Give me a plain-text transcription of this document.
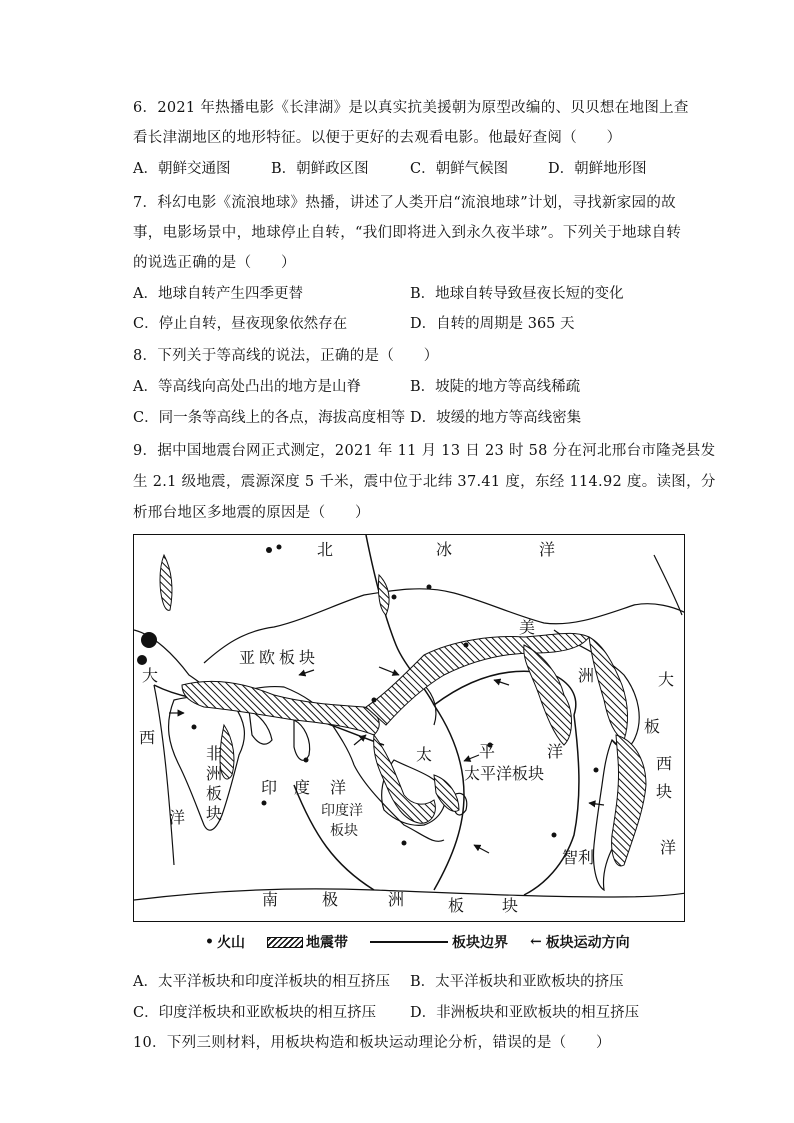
6．2021 年热播电影《长津湖》是以真实抗美援朝为原型改编的、贝贝想在地图上查
看长津湖地区的地形特征。以便于更好的去观看电影。他最好查阅（　　）
A．朝鲜交通图	B．朝鲜政区图	C．朝鲜气候图	D．朝鲜地形图
7．科幻电影《流浪地球》热播，讲述了人类开启“流浪地球”计划，寻找新家园的故
事，电影场景中，地球停止自转，“我们即将进入到永久夜半球”。下列关于地球自转
的说选正确的是（　　）
A．地球自转产生四季更替	B．地球自转导致昼夜长短的变化
C．停止自转，昼夜现象依然存在	D．自转的周期是 365 天
8．下列关于等高线的说法，正确的是（　　）
A．等高线向高处凸出的地方是山脊	B．坡陡的地方等高线稀疏
C．同一条等高线上的各点，海拔高度相等 D．坡缓的地方等高线密集
9．据中国地震台网正式测定，2021 年 11 月 13 日 23 时 58 分在河北邢台市隆尧县发
生 2.1 级地震，震源深度 5 千米，震中位于北纬 37.41 度，东经 114.92 度。读图，分
析邢台地区多地震的原因是（　　）
北	冰	洋
亚欧板块
美
洲	大
板
大
西
洋
西
块
洋
非
洲
板
块
印 度 洋
太	平	洋
太平洋板块
印度洋
板块
智利
南	极	洲	板 块
• 火山	地震带	板块边界 ← 板块运动方向
A．太平洋板块和印度洋板块的相互挤压 B．太平洋板块和亚欧板块的挤压
C．印度洋板块和亚欧板块的相互挤压 D．非洲板块和亚欧板块的相互挤压
10．下列三则材料，用板块构造和板块运动理论分析，错误的是（　　）
